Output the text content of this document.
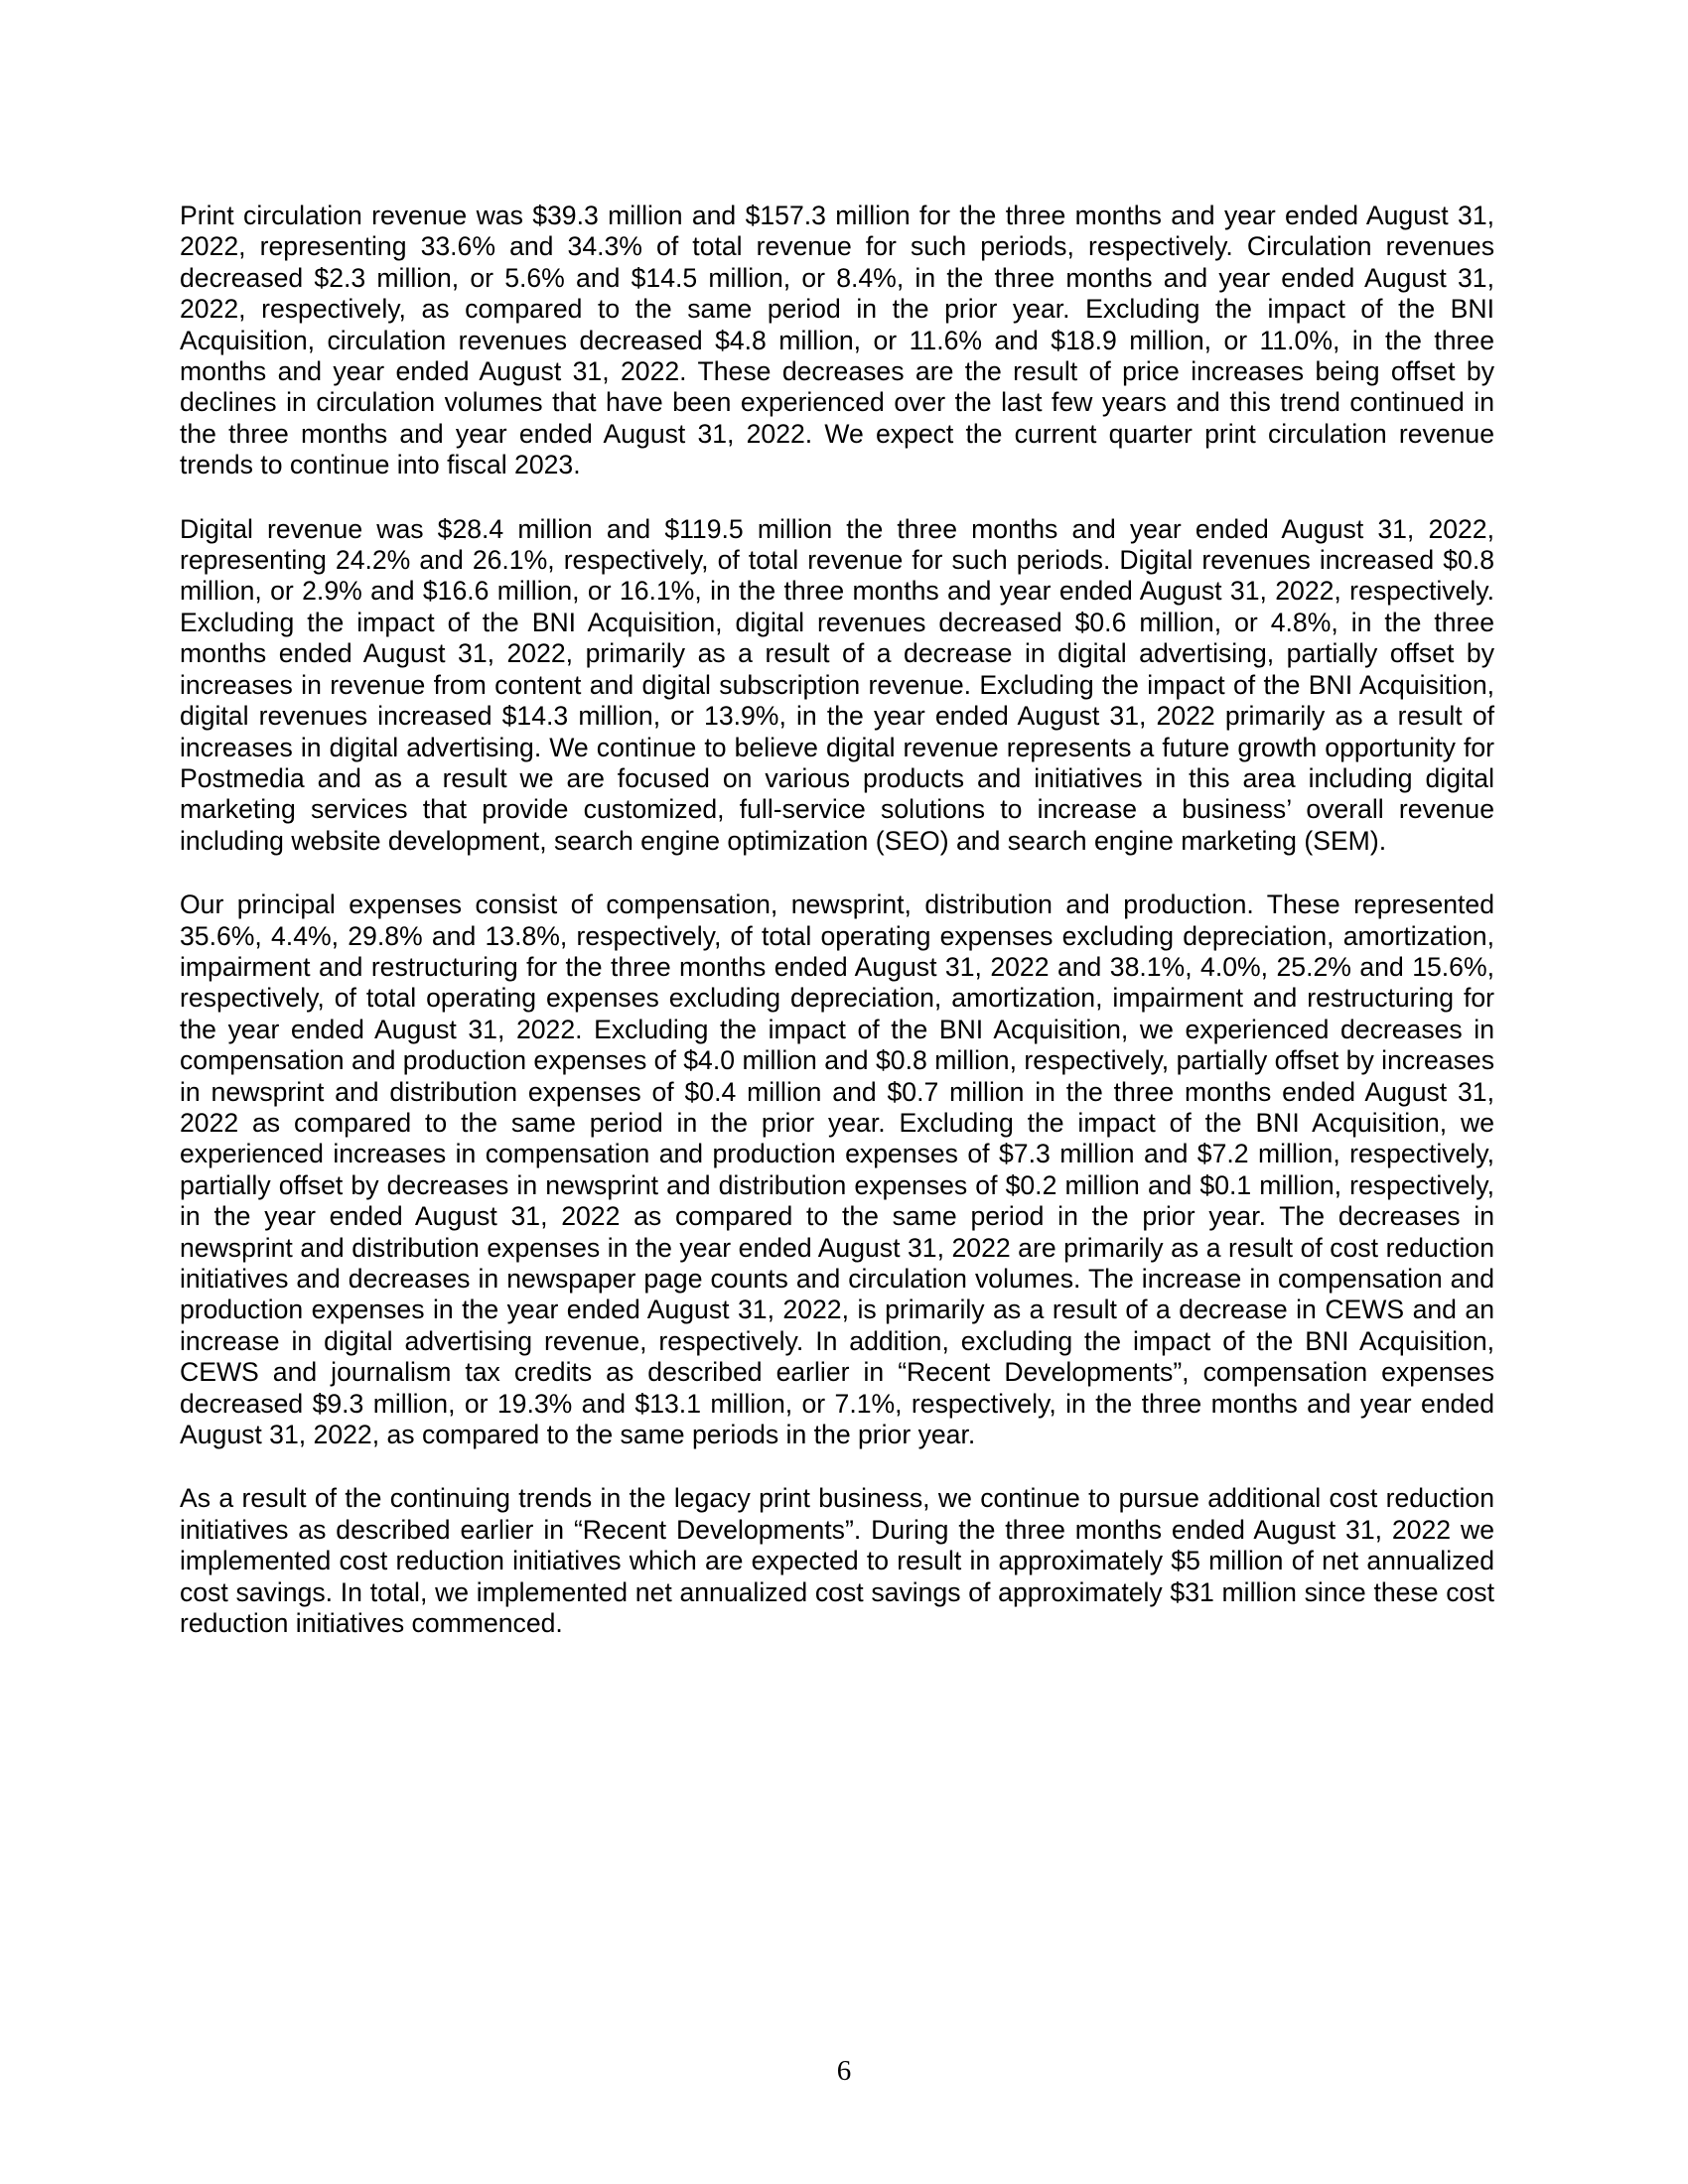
Print circulation revenue was $39.3 million and $157.3 million for the three months and year ended August 31, 2022, representing 33.6% and 34.3% of total revenue for such periods, respectively. Circulation revenues decreased $2.3 million, or 5.6% and $14.5 million, or 8.4%, in the three months and year ended August 31, 2022, respectively, as compared to the same period in the prior year. Excluding the impact of the BNI Acquisition, circulation revenues decreased $4.8 million, or 11.6% and $18.9 million, or 11.0%, in the three months and year ended August 31, 2022. These decreases are the result of price increases being offset by declines in circulation volumes that have been experienced over the last few years and this trend continued in the three months and year ended August 31, 2022. We expect the current quarter print circulation revenue trends to continue into fiscal 2023.

Digital revenue was $28.4 million and $119.5 million the three months and year ended August 31, 2022, representing 24.2% and 26.1%, respectively, of total revenue for such periods. Digital revenues increased $0.8 million, or 2.9% and $16.6 million, or 16.1%, in the three months and year ended August 31, 2022, respectively. Excluding the impact of the BNI Acquisition, digital revenues decreased $0.6 million, or 4.8%, in the three months ended August 31, 2022, primarily as a result of a decrease in digital advertising, partially offset by increases in revenue from content and digital subscription revenue. Excluding the impact of the BNI Acquisition, digital revenues increased $14.3 million, or 13.9%, in the year ended August 31, 2022 primarily as a result of increases in digital advertising. We continue to believe digital revenue represents a future growth opportunity for Postmedia and as a result we are focused on various products and initiatives in this area including digital marketing services that provide customized, full-service solutions to increase a business’ overall revenue including website development, search engine optimization (SEO) and search engine marketing (SEM).

Our principal expenses consist of compensation, newsprint, distribution and production. These represented 35.6%, 4.4%, 29.8% and 13.8%, respectively, of total operating expenses excluding depreciation, amortization, impairment and restructuring for the three months ended August 31, 2022 and 38.1%, 4.0%, 25.2% and 15.6%, respectively, of total operating expenses excluding depreciation, amortization, impairment and restructuring for the year ended August 31, 2022. Excluding the impact of the BNI Acquisition, we experienced decreases in compensation and production expenses of $4.0 million and $0.8 million, respectively, partially offset by increases in newsprint and distribution expenses of $0.4 million and $0.7 million in the three months ended August 31, 2022 as compared to the same period in the prior year. Excluding the impact of the BNI Acquisition, we experienced increases in compensation and production expenses of $7.3 million and $7.2 million, respectively, partially offset by decreases in newsprint and distribution expenses of $0.2 million and $0.1 million, respectively, in the year ended August 31, 2022 as compared to the same period in the prior year. The decreases in newsprint and distribution expenses in the year ended August 31, 2022 are primarily as a result of cost reduction initiatives and decreases in newspaper page counts and circulation volumes. The increase in compensation and production expenses in the year ended August 31, 2022, is primarily as a result of a decrease in CEWS and an increase in digital advertising revenue, respectively. In addition, excluding the impact of the BNI Acquisition, CEWS and journalism tax credits as described earlier in “Recent Developments”, compensation expenses decreased $9.3 million, or 19.3% and $13.1 million, or 7.1%, respectively, in the three months and year ended August 31, 2022, as compared to the same periods in the prior year.

As a result of the continuing trends in the legacy print business, we continue to pursue additional cost reduction initiatives as described earlier in “Recent Developments”. During the three months ended August 31, 2022 we implemented cost reduction initiatives which are expected to result in approximately $5 million of net annualized cost savings. In total, we implemented net annualized cost savings of approximately $31 million since these cost reduction initiatives commenced.

6
